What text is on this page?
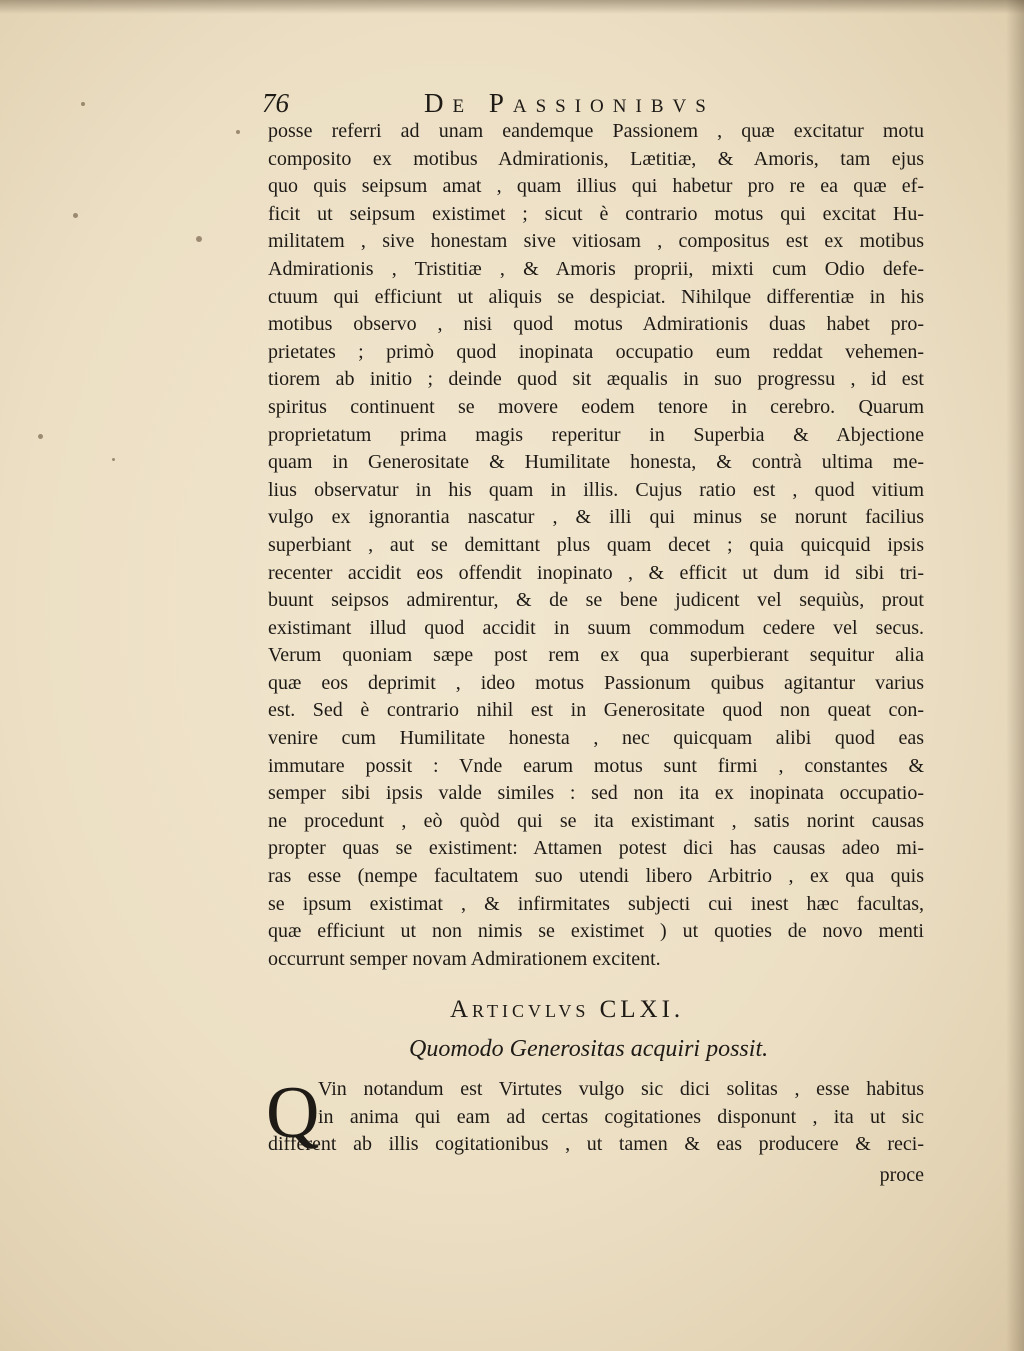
76	De Passionibvs
posse referri ad unam eandemque Passionem , quæ excitatur motu
composito ex motibus Admirationis, Lætitiæ, & Amoris, tam ejus
quo quis seipsum amat , quam illius qui habetur pro re ea quæ ef-
ficit ut seipsum existimet ; sicut è contrario motus qui excitat Hu-
militatem , sive honestam sive vitiosam , compositus est ex motibus
Admirationis , Tristitiæ , & Amoris proprii, mixti cum Odio defe-
ctuum qui efficiunt ut aliquis se despiciat. Nihilque differentiæ in his
motibus observo , nisi quod motus Admirationis duas habet pro-
prietates ; primò quod inopinata occupatio eum reddat vehemen-
tiorem ab initio ; deinde quod sit æqualis in suo progressu , id est
spiritus continuent se movere eodem tenore in cerebro. Quarum
proprietatum prima magis reperitur in Superbia & Abjectione
quam in Generositate & Humilitate honesta, & contrà ultima me-
lius observatur in his quam in illis. Cujus ratio est , quod vitium
vulgo ex ignorantia nascatur , & illi qui minus se norunt facilius
superbiant , aut se demittant plus quam decet ; quia quicquid ipsis
recenter accidit eos offendit inopinato , & efficit ut dum id sibi tri-
buunt seipsos admirentur, & de se bene judicent vel sequiùs, prout
existimant illud quod accidit in suum commodum cedere vel secus.
Verum quoniam sæpe post rem ex qua superbierant sequitur alia
quæ eos deprimit , ideo motus Passionum quibus agitantur varius
est. Sed è contrario nihil est in Generositate quod non queat con-
venire cum Humilitate honesta , nec quicquam alibi quod eas
immutare possit : Vnde earum motus sunt firmi , constantes &
semper sibi ipsis valde similes : sed non ita ex inopinata occupatio-
ne procedunt , eò quòd qui se ita existimant , satis norint causas
propter quas se existiment: Attamen potest dici has causas adeo mi-
ras esse (nempe facultatem suo utendi libero Arbitrio , ex qua quis
se ipsum existimat , & infirmitates subjecti cui inest hæc facultas,
quæ efficiunt ut non nimis se existimet ) ut quoties de novo menti
occurrunt semper novam Admirationem excitent.
Articvlvs CLXI.
Quomodo Generositas acquiri possit.
Q
Vin notandum est Virtutes vulgo sic dici solitas , esse habitus
in anima qui eam ad certas cogitationes disponunt , ita ut sic
different ab illis cogitationibus , ut tamen & eas producere & reci-
proce
